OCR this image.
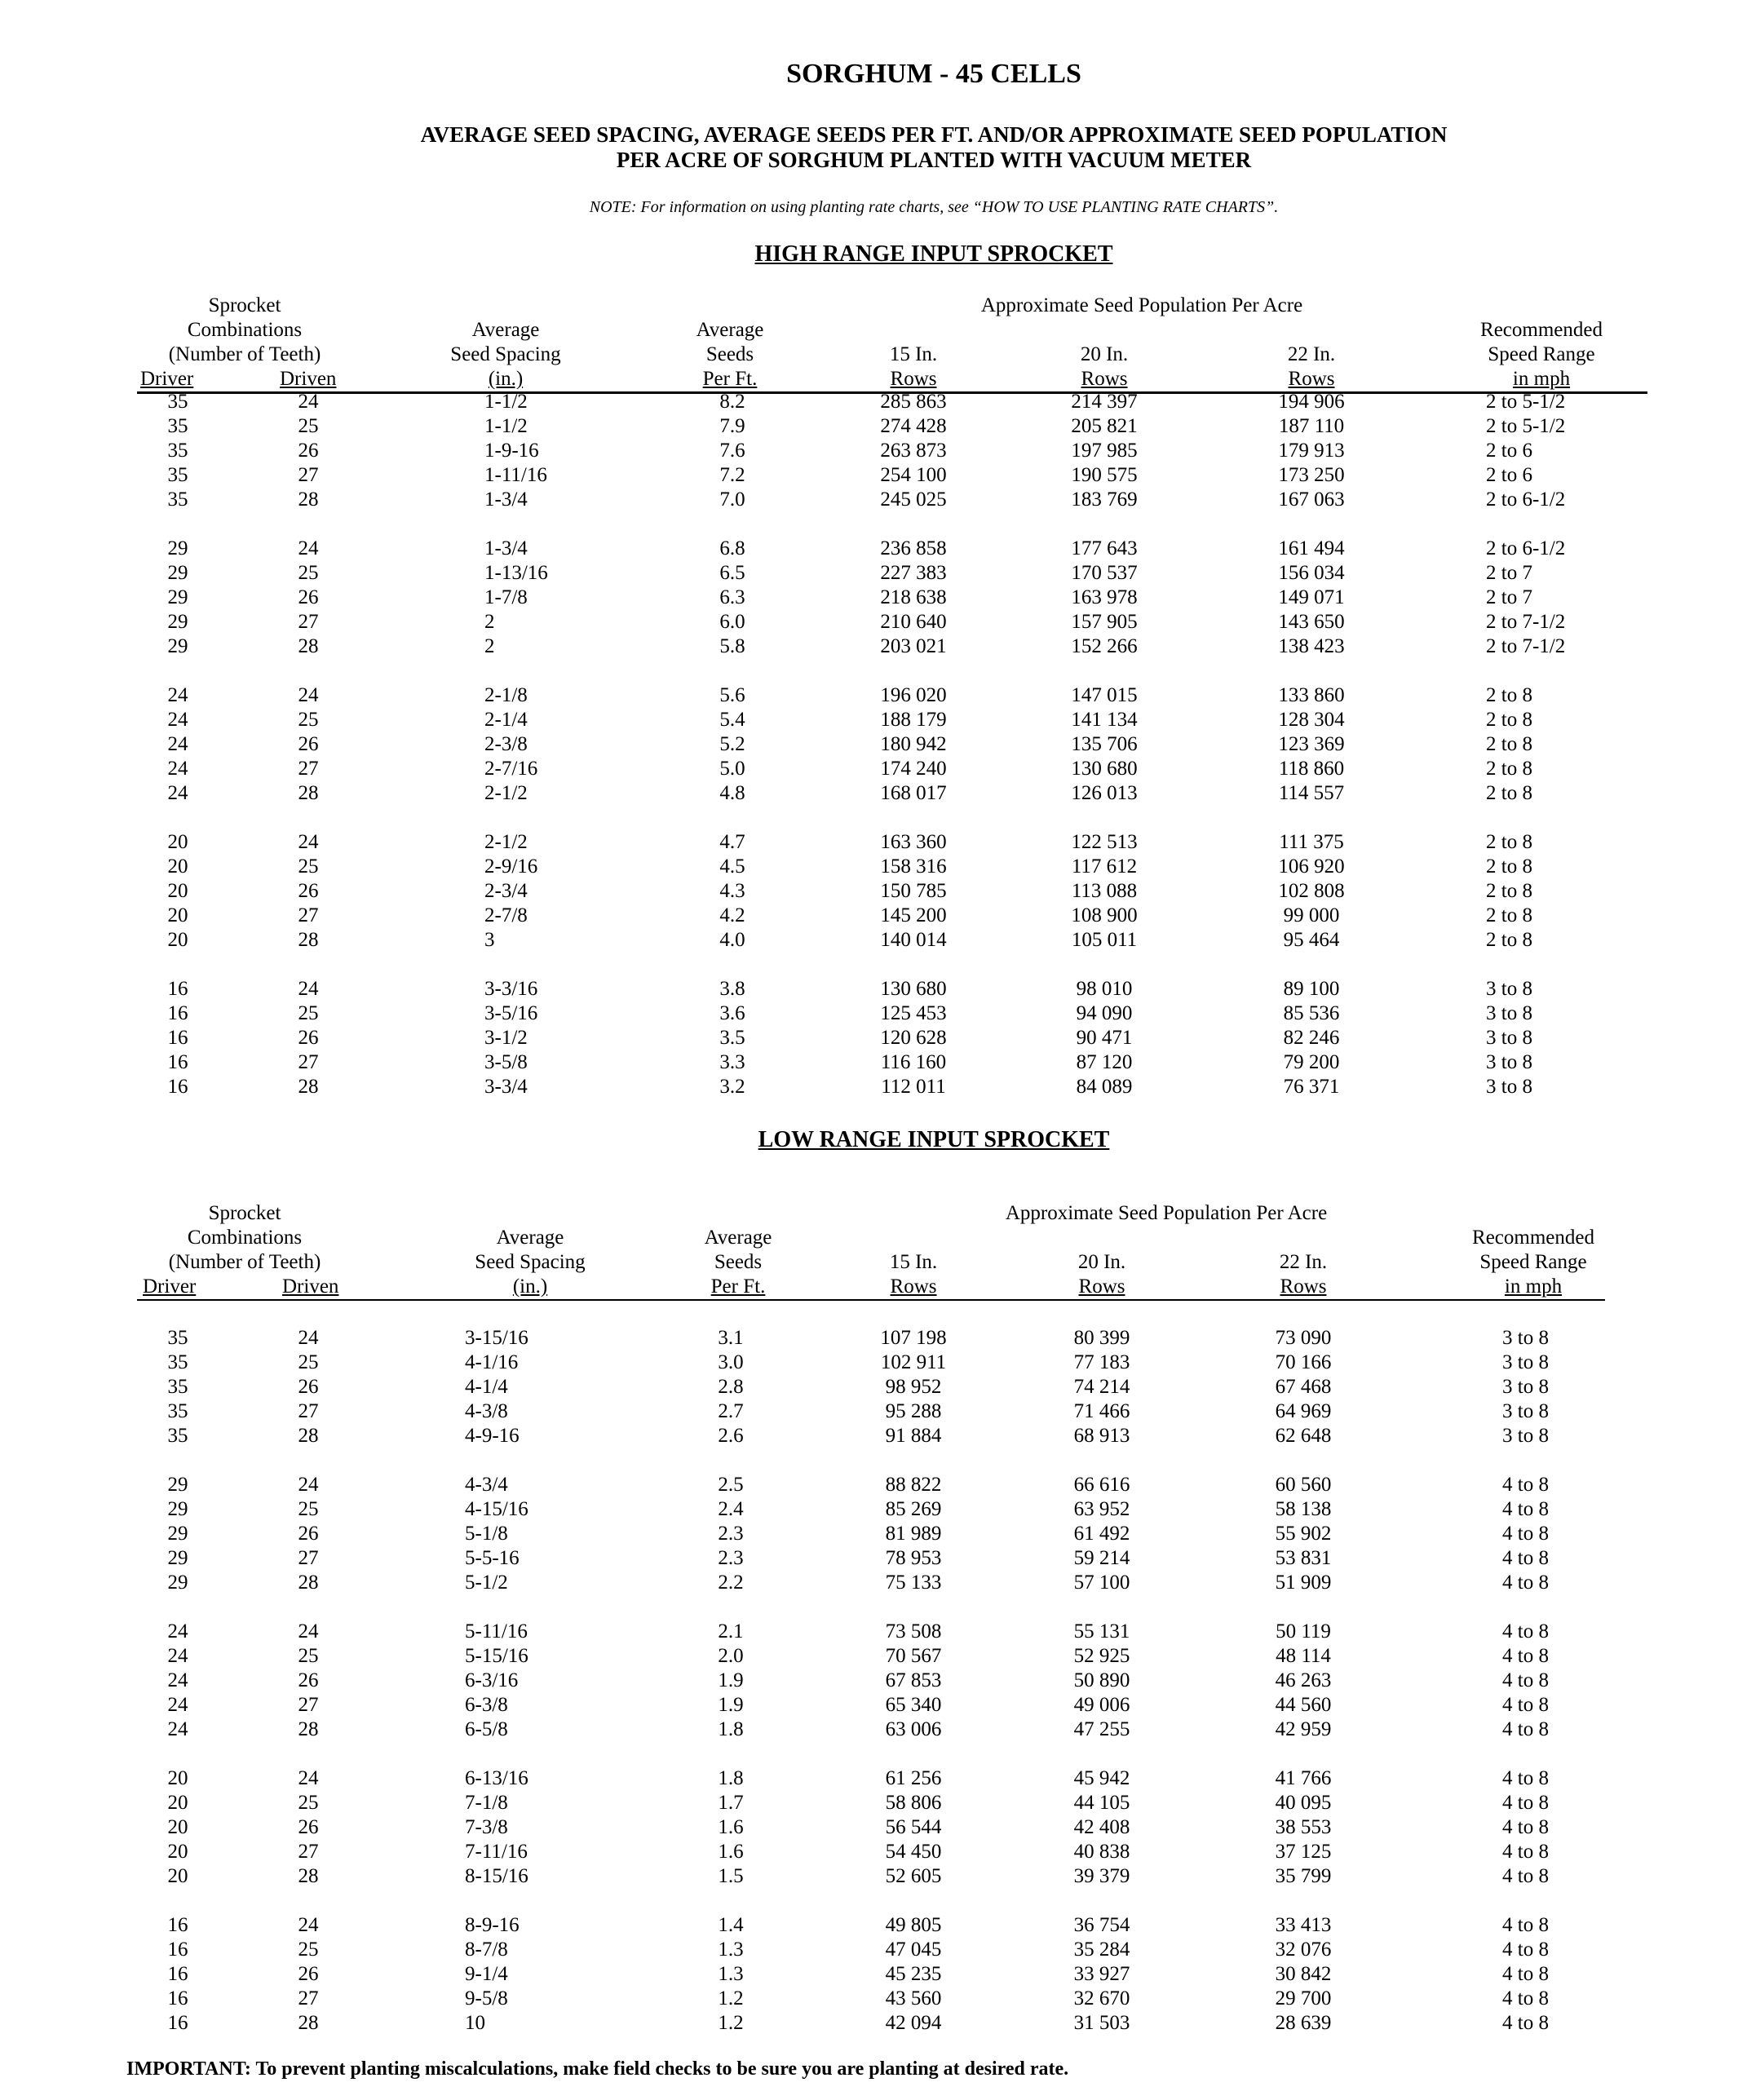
SORGHUM - 45 CELLS
AVERAGE SEED SPACING, AVERAGE SEEDS PER FT. AND/OR APPROXIMATE SEED POPULATION
PER ACRE OF SORGHUM PLANTED WITH VACUUM METER
NOTE: For information on using planting rate charts, see “HOW TO USE PLANTING RATE CHARTS”.
HIGH RANGE INPUT SPROCKET
Sprocket
Combinations
(Number of Teeth)
Driver	Driven
Average
Seed Spacing
(in.)
Average
Seeds
Per Ft.
Approximate Seed Population Per Acre
15 In.
Rows
20 In.
Rows
22 In.
Rows
Recommended
Speed Range
in mph
35	24	1-1/2	8.2	285 863	214 397	194 906	2 to 5-1/2
35	25	1-1/2	7.9	274 428	205 821	187 110	2 to 5-1/2
35	26	1-9-16	7.6	263 873	197 985	179 913	2 to 6
35	27	1-11/16	7.2	254 100	190 575	173 250	2 to 6
35	28	1-3/4	7.0	245 025	183 769	167 063	2 to 6-1/2
29	24	1-3/4	6.8	236 858	177 643	161 494	2 to 6-1/2
29	25	1-13/16	6.5	227 383	170 537	156 034	2 to 7
29	26	1-7/8	6.3	218 638	163 978	149 071	2 to 7
29	27	2	6.0	210 640	157 905	143 650	2 to 7-1/2
29	28	2	5.8	203 021	152 266	138 423	2 to 7-1/2
24	24	2-1/8	5.6	196 020	147 015	133 860	2 to 8
24	25	2-1/4	5.4	188 179	141 134	128 304	2 to 8
24	26	2-3/8	5.2	180 942	135 706	123 369	2 to 8
24	27	2-7/16	5.0	174 240	130 680	118 860	2 to 8
24	28	2-1/2	4.8	168 017	126 013	114 557	2 to 8
20	24	2-1/2	4.7	163 360	122 513	111 375	2 to 8
20	25	2-9/16	4.5	158 316	117 612	106 920	2 to 8
20	26	2-3/4	4.3	150 785	113 088	102 808	2 to 8
20	27	2-7/8	4.2	145 200	108 900	99 000	2 to 8
20	28	3	4.0	140 014	105 011	95 464	2 to 8
16	24	3-3/16	3.8	130 680	98 010	89 100	3 to 8
16	25	3-5/16	3.6	125 453	94 090	85 536	3 to 8
16	26	3-1/2	3.5	120 628	90 471	82 246	3 to 8
16	27	3-5/8	3.3	116 160	87 120	79 200	3 to 8
16	28	3-3/4	3.2	112 011	84 089	76 371	3 to 8
LOW RANGE INPUT SPROCKET
Sprocket
Combinations
(Number of Teeth)
Driver	Driven
Average
Seed Spacing
(in.)
Average
Seeds
Per Ft.
Approximate Seed Population Per Acre
15 In.
Rows
20 In.
Rows
22 In.
Rows
Recommended
Speed Range
in mph
35	24	3-15/16	3.1	107 198	80 399	73 090	3 to 8
35	25	4-1/16	3.0	102 911	77 183	70 166	3 to 8
35	26	4-1/4	2.8	98 952	74 214	67 468	3 to 8
35	27	4-3/8	2.7	95 288	71 466	64 969	3 to 8
35	28	4-9-16	2.6	91 884	68 913	62 648	3 to 8
29	24	4-3/4	2.5	88 822	66 616	60 560	4 to 8
29	25	4-15/16	2.4	85 269	63 952	58 138	4 to 8
29	26	5-1/8	2.3	81 989	61 492	55 902	4 to 8
29	27	5-5-16	2.3	78 953	59 214	53 831	4 to 8
29	28	5-1/2	2.2	75 133	57 100	51 909	4 to 8
24	24	5-11/16	2.1	73 508	55 131	50 119	4 to 8
24	25	5-15/16	2.0	70 567	52 925	48 114	4 to 8
24	26	6-3/16	1.9	67 853	50 890	46 263	4 to 8
24	27	6-3/8	1.9	65 340	49 006	44 560	4 to 8
24	28	6-5/8	1.8	63 006	47 255	42 959	4 to 8
20	24	6-13/16	1.8	61 256	45 942	41 766	4 to 8
20	25	7-1/8	1.7	58 806	44 105	40 095	4 to 8
20	26	7-3/8	1.6	56 544	42 408	38 553	4 to 8
20	27	7-11/16	1.6	54 450	40 838	37 125	4 to 8
20	28	8-15/16	1.5	52 605	39 379	35 799	4 to 8
16	24	8-9-16	1.4	49 805	36 754	33 413	4 to 8
16	25	8-7/8	1.3	47 045	35 284	32 076	4 to 8
16	26	9-1/4	1.3	45 235	33 927	30 842	4 to 8
16	27	9-5/8	1.2	43 560	32 670	29 700	4 to 8
16	28	10	1.2	42 094	31 503	28 639	4 to 8
IMPORTANT: To prevent planting miscalculations, make field checks to be sure you are planting at desired rate.
